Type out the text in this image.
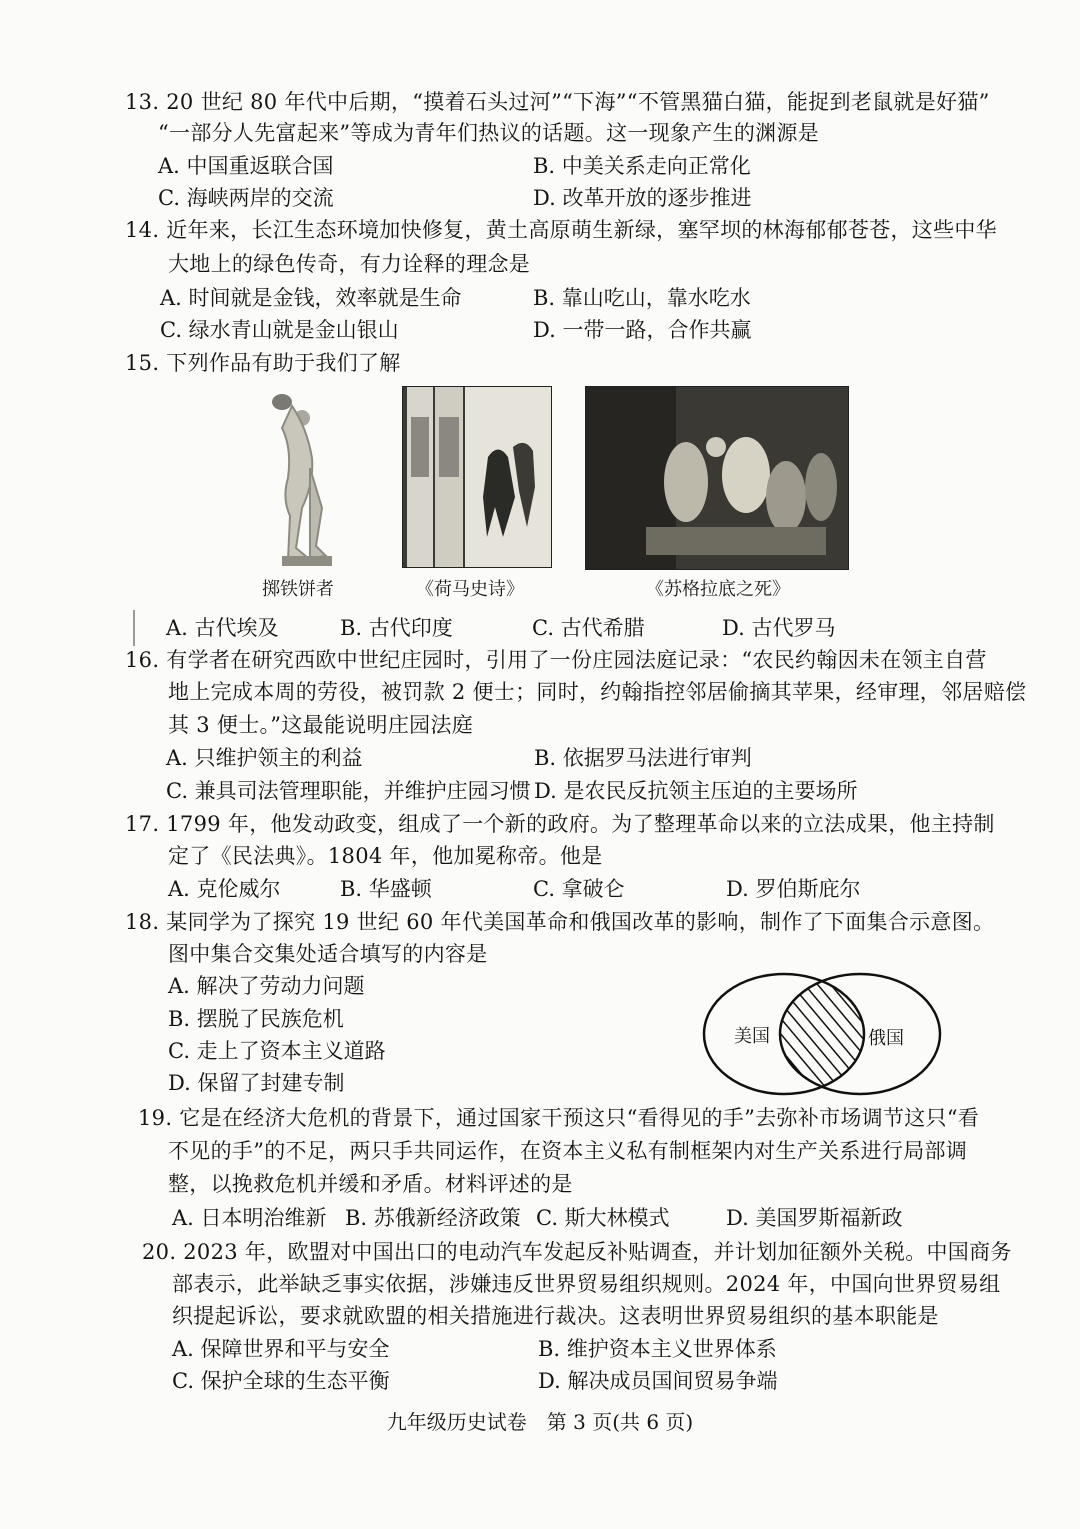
13. 20 世纪 80 年代中后期，“摸着石头过河”“下海”“不管黑猫白猫，能捉到老鼠就是好猫”
“一部分人先富起来”等成为青年们热议的话题。这一现象产生的渊源是
A. 中国重返联合国	B. 中美关系走向正常化
C. 海峡两岸的交流	D. 改革开放的逐步推进
14. 近年来，长江生态环境加快修复，黄土高原萌生新绿，塞罕坝的林海郁郁苍苍，这些中华
大地上的绿色传奇，有力诠释的理念是
A. 时间就是金钱，效率就是生命	B. 靠山吃山，靠水吃水
C. 绿水青山就是金山银山	D. 一带一路，合作共赢
15. 下列作品有助于我们了解
掷铁饼者	《荷马史诗》	《苏格拉底之死》
A. 古代埃及	B. 古代印度	C. 古代希腊	D. 古代罗马
16. 有学者在研究西欧中世纪庄园时，引用了一份庄园法庭记录：“农民约翰因未在领主自营
地上完成本周的劳役，被罚款 2 便士；同时，约翰指控邻居偷摘其苹果，经审理，邻居赔偿
其 3 便士。”这最能说明庄园法庭
A. 只维护领主的利益	B. 依据罗马法进行审判
C. 兼具司法管理职能，并维护庄园习惯 D. 是农民反抗领主压迫的主要场所
17. 1799 年，他发动政变，组成了一个新的政府。为了整理革命以来的立法成果，他主持制
定了《民法典》。1804 年，他加冕称帝。他是
A. 克伦威尔	B. 华盛顿	C. 拿破仑	D. 罗伯斯庇尔
18. 某同学为了探究 19 世纪 60 年代美国革命和俄国改革的影响，制作了下面集合示意图。
图中集合交集处适合填写的内容是
A. 解决了劳动力问题
B. 摆脱了民族危机
C. 走上了资本主义道路
D. 保留了封建专制
美国	俄国
19. 它是在经济大危机的背景下，通过国家干预这只“看得见的手”去弥补市场调节这只“看
不见的手”的不足，两只手共同运作，在资本主义私有制框架内对生产关系进行局部调
整，以挽救危机并缓和矛盾。材料评述的是
A. 日本明治维新 B. 苏俄新经济政策 C. 斯大林模式	D. 美国罗斯福新政
20. 2023 年，欧盟对中国出口的电动汽车发起反补贴调查，并计划加征额外关税。中国商务
部表示，此举缺乏事实依据，涉嫌违反世界贸易组织规则。2024 年，中国向世界贸易组
织提起诉讼，要求就欧盟的相关措施进行裁决。这表明世界贸易组织的基本职能是
A. 保障世界和平与安全	B. 维护资本主义世界体系
C. 保护全球的生态平衡	D. 解决成员国间贸易争端
九年级历史试卷　第 3 页(共 6 页)
